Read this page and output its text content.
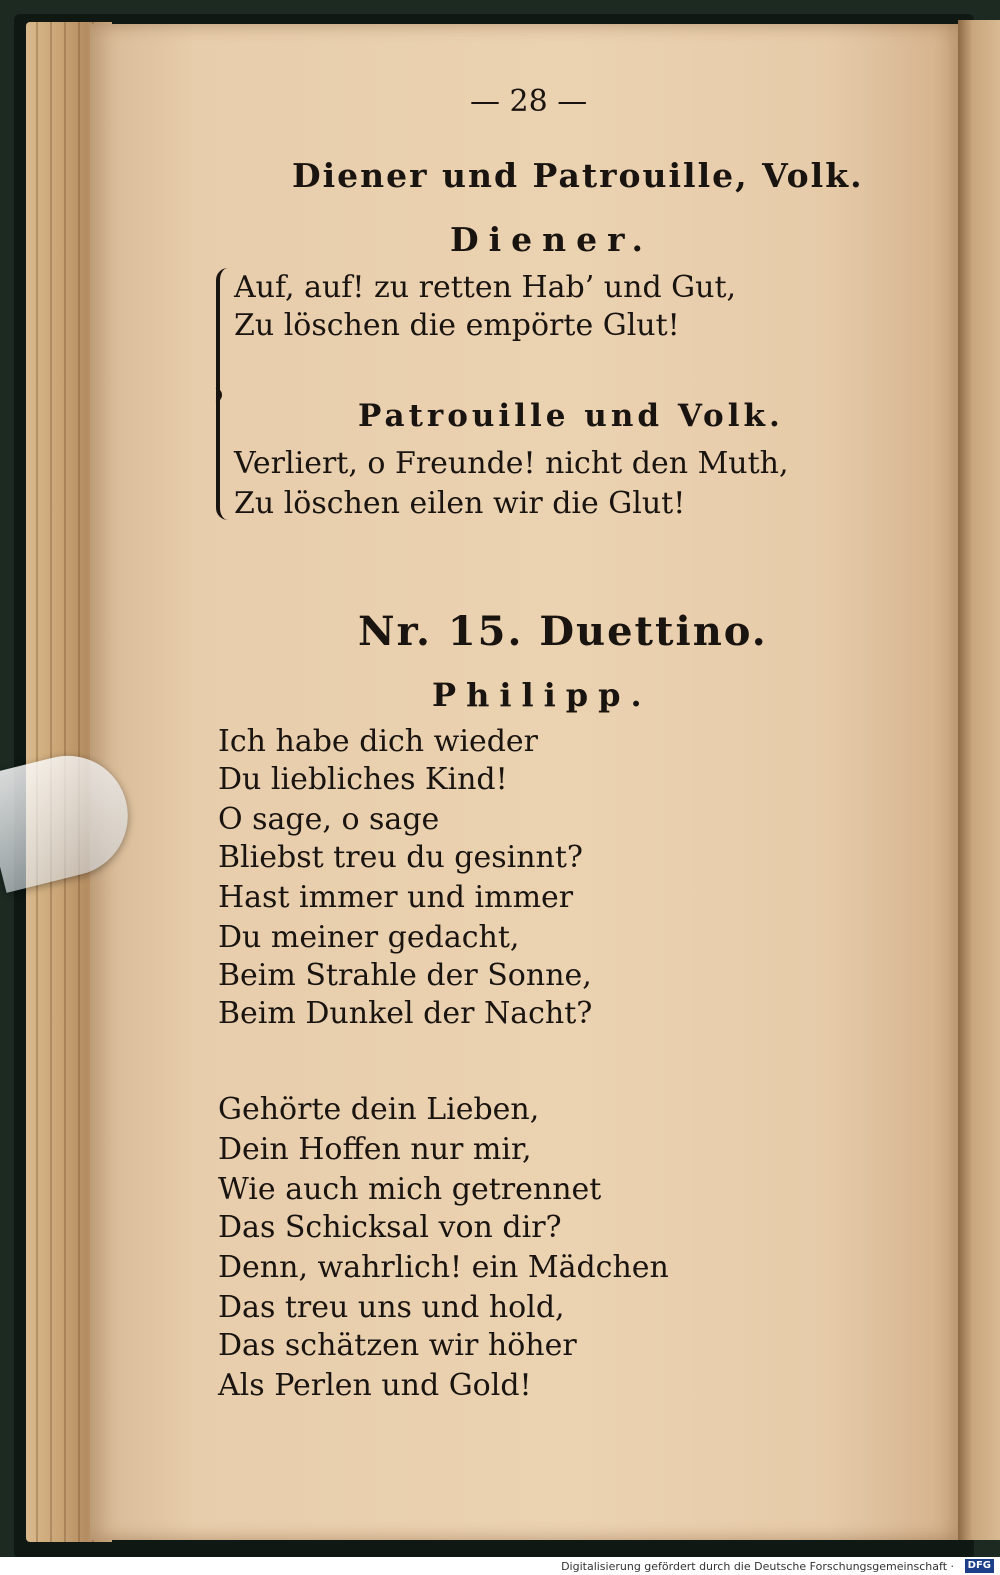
— 28 —
Diener und Patrouille, Volk.
Diener.
Auf, auf! zu retten Hab’ und Gut,
Zu löschen die empörte Glut!
Patrouille und Volk.
Verliert, o Freunde! nicht den Muth,
Zu löschen eilen wir die Glut!
Nr. 15. Duettino.
Philipp.
Ich habe dich wieder
Du liebliches Kind!
O sage, o sage
Bliebst treu du gesinnt?
Hast immer und immer
Du meiner gedacht,
Beim Strahle der Sonne,
Beim Dunkel der Nacht?
Gehörte dein Lieben,
Dein Hoffen nur mir,
Wie auch mich getrennet
Das Schicksal von dir?
Denn, wahrlich! ein Mädchen
Das treu uns und hold,
Das schätzen wir höher
Als Perlen und Gold!
Digitalisierung gefördert durch die Deutsche Forschungsgemeinschaft ·	DFG
